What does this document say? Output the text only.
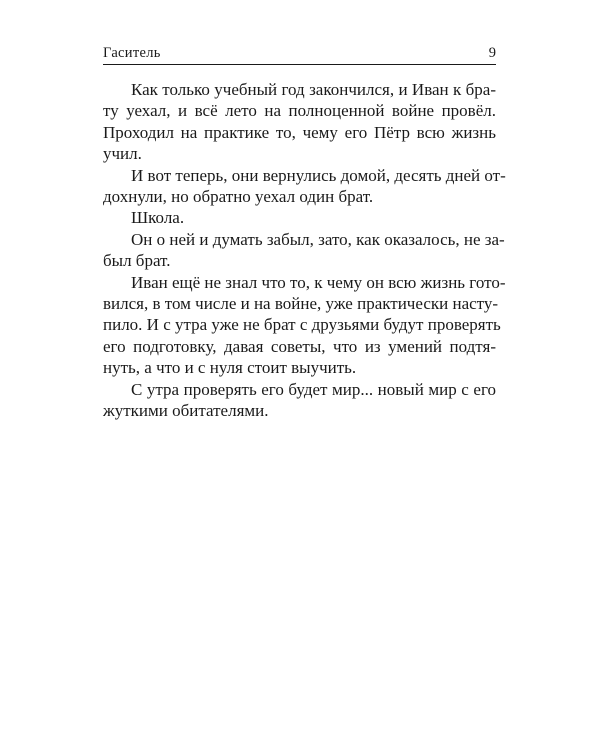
Гаситель	9

Как только учебный год закончился, и Иван к бра-
ту уехал, и всё лето на полноценной войне провёл.
Проходил на практике то, чему его Пётр всю жизнь
учил.

И вот теперь, они вернулись домой, десять дней от-
дохнули, но обратно уехал один брат.

Школа.

Он о ней и думать забыл, зато, как оказалось, не за-
был брат.

Иван ещё не знал что то, к чему он всю жизнь гото-
вился, в том числе и на войне, уже практически насту-
пило. И с утра уже не брат с друзьями будут проверять
его подготовку, давая советы, что из умений подтя-
нуть, а что и с нуля стоит выучить.

С утра проверять его будет мир... новый мир с его
жуткими обитателями.
